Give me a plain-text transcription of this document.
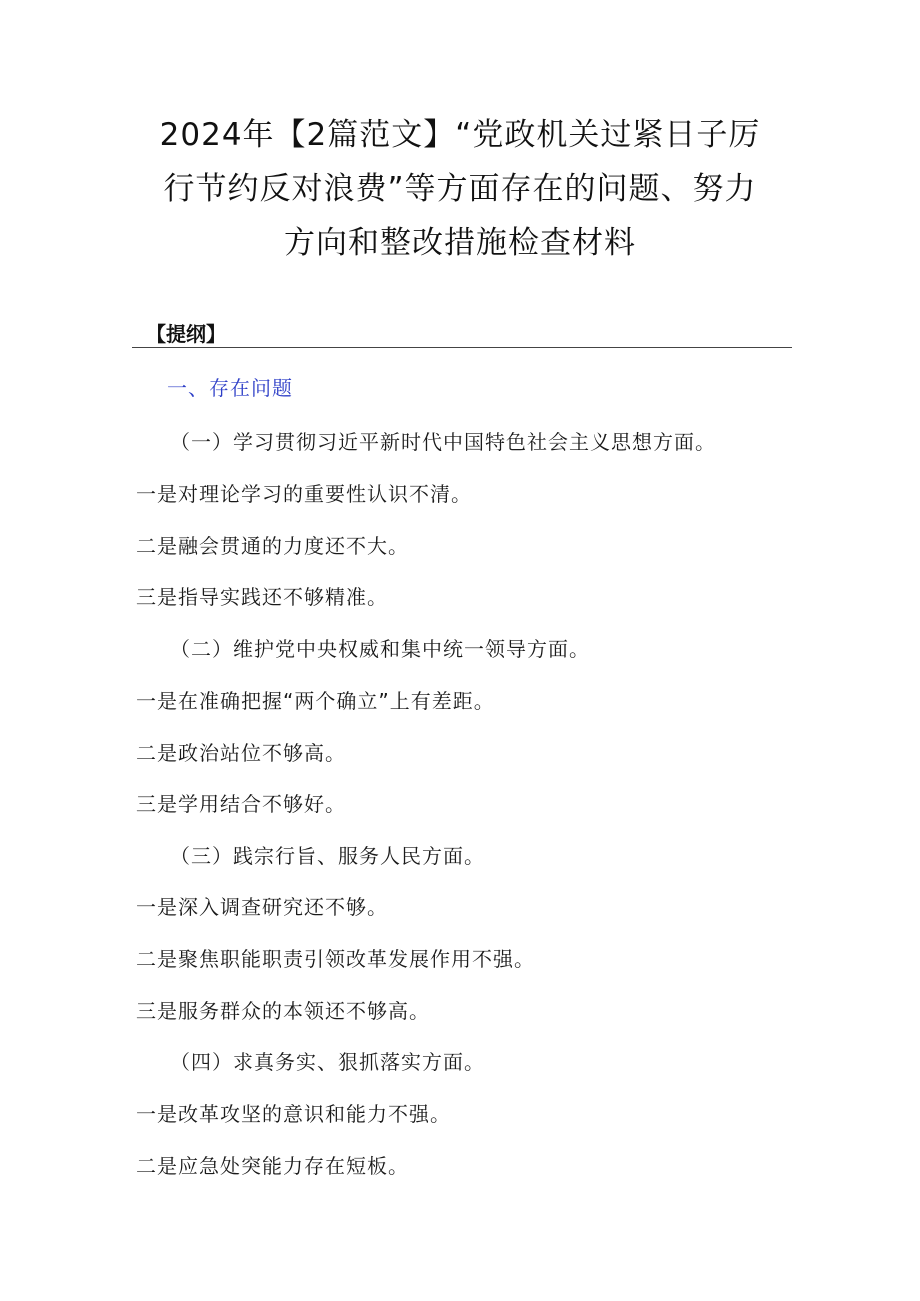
2024年【2篇范文】“党政机关过紧日子厉
行节约反对浪费”等方面存在的问题、努力
方向和整改措施检查材料
【提纲】
一、存在问题
（一）学习贯彻习近平新时代中国特色社会主义思想方面。
一是对理论学习的重要性认识不清。
二是融会贯通的力度还不大。
三是指导实践还不够精准。
（二）维护党中央权威和集中统一领导方面。
一是在准确把握“两个确立”上有差距。
二是政治站位不够高。
三是学用结合不够好。
（三）践宗行旨、服务人民方面。
一是深入调查研究还不够。
二是聚焦职能职责引领改革发展作用不强。
三是服务群众的本领还不够高。
（四）求真务实、狠抓落实方面。
一是改革攻坚的意识和能力不强。
二是应急处突能力存在短板。
